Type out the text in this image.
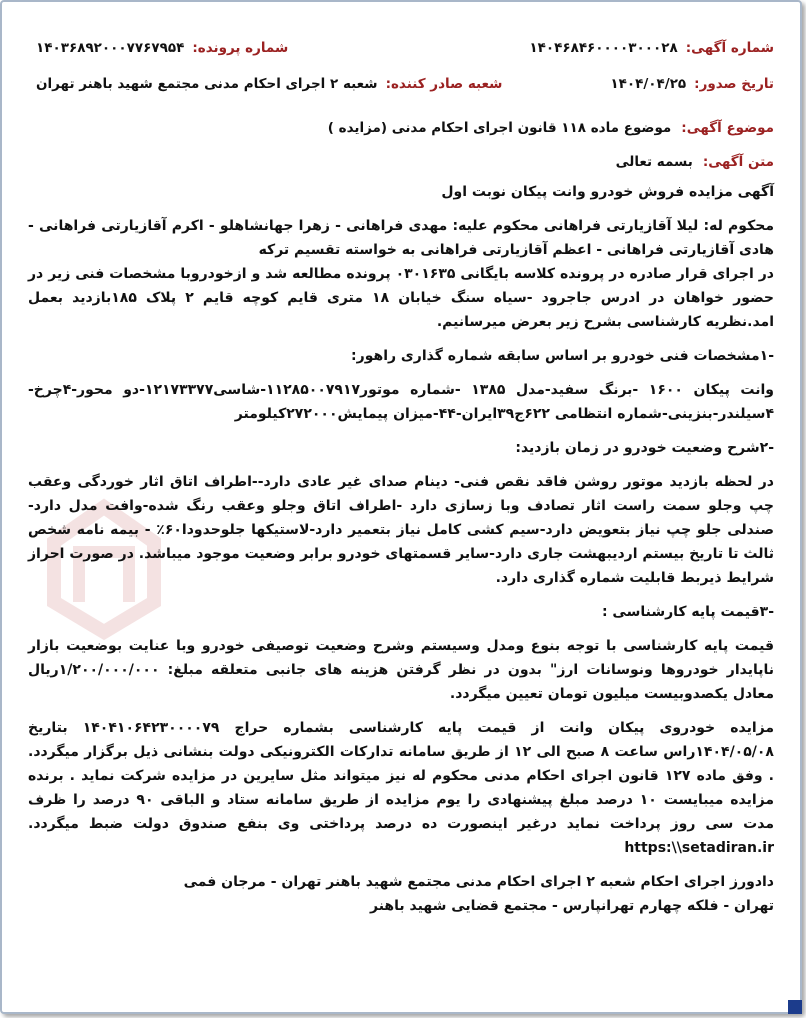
شماره آگهی:
۱۴۰۴۶۸۴۶۰۰۰۰۳۰۰۰۲۸
شماره پرونده:
۱۴۰۳۶۸۹۲۰۰۰۷۷۶۷۹۵۴
تاریخ صدور:
۱۴۰۴/۰۴/۲۵
شعبه صادر کننده:
شعبه ۲ اجرای احکام مدنی مجتمع شهید باهنر تهران
موضوع آگهی:
موضوع ماده ۱۱۸ قانون اجرای احکام مدنی (مزایده )
متن آگهی:
بسمه تعالی

آگهی مزایده فروش خودرو وانت پیکان نوبت اول

محکوم له: لیلا آقازیارتی فراهانی محکوم علیه: مهدی فراهانی - زهرا جهانشاهلو - اکرم آقازیارتی فراهانی - هادی آقازیارتی فراهانی - اعظم آقازیارتی فراهانی به خواسته تقسیم ترکه

در اجرای قرار صادره در پرونده کلاسه بایگانی ۰۳۰۱۶۳۵ پرونده مطالعه شد و ازخودروبا مشخصات فنی زیر در حضور خواهان در ادرس جاجرود -سیاه سنگ خیابان ۱۸ متری قایم کوچه قایم ۲ پلاک ۱۸۵بازدید بعمل امد.نظریه کارشناسی بشرح زیر بعرض میرسانیم.

-۱مشخصات فنی خودرو بر اساس سابقه شماره گذاری راهور:

وانت پیکان ۱۶۰۰ -برنگ سفید-مدل ۱۳۸۵ -شماره موتور۱۱۲۸۵۰۰۷۹۱۷-شاسی۱۲۱۷۳۳۷۷-دو محور-۴چرخ- ۴سیلندر-بنزینی-شماره انتظامی ۶۲۲ج۳۹ایران-۴۴-میزان پیمایش۲۷۲۰۰۰کیلومتر

-۲شرح وضعیت خودرو در زمان بازدید:

در لحظه بازدید موتور روشن فاقد نقص فنی- دینام صدای غیر عادی دارد--اطراف اتاق اثار خوردگی وعقب چپ وجلو سمت راست اثار تصادف وبا زسازی دارد -اطراف اتاق وجلو وعقب رنگ شده-وافت مدل دارد- صندلی جلو چپ نیاز بتعویض دارد-سیم کشی کامل نیاز بتعمیر دارد-لاستیکها جلوحدودا۶۰٪ - بیمه نامه شخص ثالث تا تاریخ بیستم اردیبهشت جاری دارد-سایر قسمتهای خودرو برابر وضعیت موجود میباشد. در صورت احراز شرایط ذیربط قابلیت شماره گذاری دارد.

-۳قیمت پایه کارشناسی :

قیمت پایه کارشناسی با توجه بنوع ومدل وسیستم وشرح وضعیت توصیفی خودرو وبا عنایت بوضعیت بازار ناپایدار خودروها ونوسانات ارز" بدون در نظر گرفتن هزینه های جانبی متعلقه مبلغ: ۱/۲۰۰/۰۰۰/۰۰۰ریال معادل یکصدوبیست میلیون تومان تعیین میگردد.

مزایده خودروی پیکان وانت از قیمت پایه کارشناسی بشماره حراج ۱۴۰۴۱۰۶۴۲۳۰۰۰۰۷۹ بتاریخ ۱۴۰۴/۰۵/۰۸راس ساعت ۸ صبح الی ۱۲ از طریق سامانه تدارکات الکترونیکی دولت بنشانی ذیل برگزار میگردد. . وفق ماده ۱۲۷ قانون اجرای احکام مدنی محکوم له نیز میتواند مثل سایرین در مزایده شرکت نماید . برنده مزایده میبایست ۱۰ درصد مبلغ پیشنهادی را یوم مزایده از طریق سامانه ستاد و الباقی ۹۰ درصد را ظرف مدت سی روز پرداخت نماید درغیر اینصورت ده درصد پرداختی وی بنفع صندوق دولت ضبط میگردد. https:\\setadiran.ir

دادورز اجرای احکام شعبه ۲ اجرای احکام مدنی مجتمع شهید باهنر تهران - مرجان فمی

تهران - فلکه چهارم تهرانپارس - مجتمع قضایی شهید باهنر
